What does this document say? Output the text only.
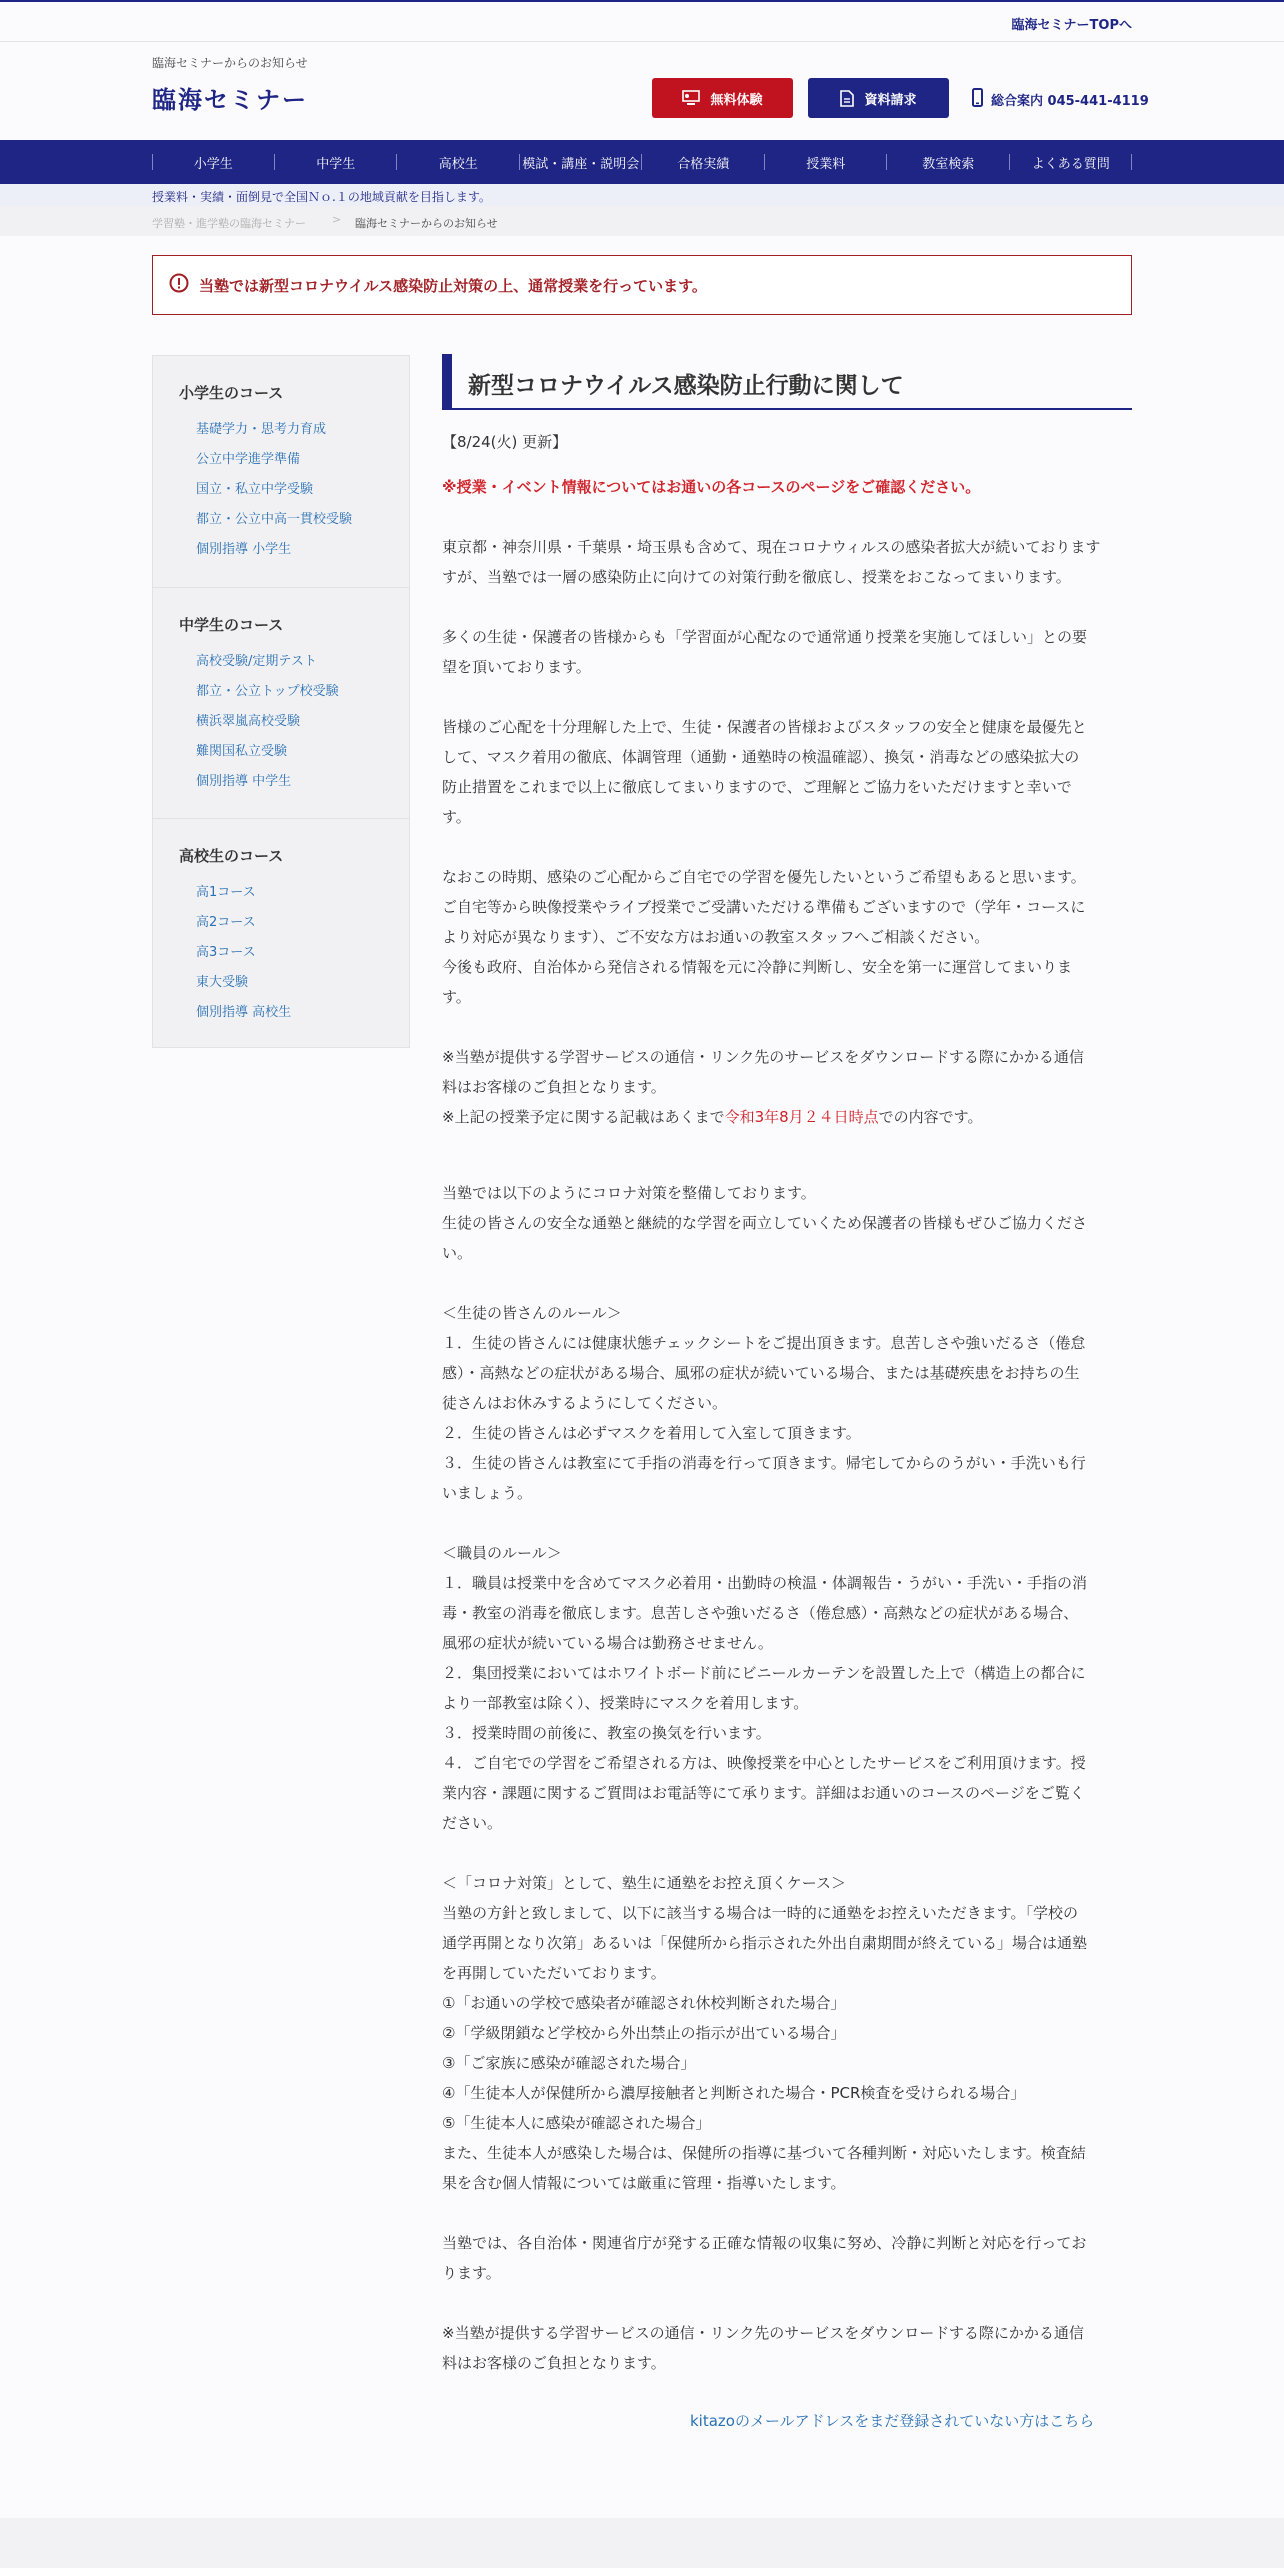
臨海セミナーTOPへ
臨海セミナーからのお知らせ
臨海セミナー	無料体験	資料請求	総合案内 045-441-4119
小学生	中学生	高校生	模試・講座・説明会	合格実績	授業料	教室検索	よくある質問
授業料・実績・面倒見で全国Ｎｏ.１の地域貢献を目指します。
学習塾・進学塾の臨海セミナー > 臨海セミナーからのお知らせ
当塾では新型コロナウイルス感染防止対策の上、通常授業を行っています。
小学生のコース
基礎学力・思考力育成
公立中学進学準備
国立・私立中学受験
都立・公立中高一貫校受験
個別指導 小学生
中学生のコース
高校受験/定期テスト
都立・公立トップ校受験
横浜翠嵐高校受験
難関国私立受験
個別指導 中学生
高校生のコース
高1コース
高2コース
高3コース
東大受験
個別指導 高校生
新型コロナウイルス感染防止行動に関して
【8/24(火) 更新】
※授業・イベント情報についてはお通いの各コースのページをご確認ください。
東京都・神奈川県・千葉県・埼玉県も含めて、現在コロナウィルスの感染者拡大が続いております
すが、当塾では一層の感染防止に向けての対策行動を徹底し、授業をおこなってまいります。
多くの生徒・保護者の皆様からも「学習面が心配なので通常通り授業を実施してほしい」との要
望を頂いております。
皆様のご心配を十分理解した上で、生徒・保護者の皆様およびスタッフの安全と健康を最優先と
して、マスク着用の徹底、体調管理（通勤・通塾時の検温確認）、換気・消毒などの感染拡大の
防止措置をこれまで以上に徹底してまいりますので、ご理解とご協力をいただけますと幸いで
す。
なおこの時期、感染のご心配からご自宅での学習を優先したいというご希望もあると思います。
ご自宅等から映像授業やライブ授業でご受講いただける準備もございますので（学年・コースに
より対応が異なります）、ご不安な方はお通いの教室スタッフへご相談ください。
今後も政府、自治体から発信される情報を元に冷静に判断し、安全を第一に運営してまいりま
す。
※当塾が提供する学習サービスの通信・リンク先のサービスをダウンロードする際にかかる通信
料はお客様のご負担となります。
※上記の授業予定に関する記載はあくまで令和3年8月２４日時点での内容です。
当塾では以下のようにコロナ対策を整備しております。
生徒の皆さんの安全な通塾と継続的な学習を両立していくため保護者の皆様もぜひご協力くださ
い。
＜生徒の皆さんのルール＞
１．生徒の皆さんには健康状態チェックシートをご提出頂きます。息苦しさや強いだるさ（倦怠
感）・高熱などの症状がある場合、風邪の症状が続いている場合、または基礎疾患をお持ちの生
徒さんはお休みするようにしてください。
２．生徒の皆さんは必ずマスクを着用して入室して頂きます。
３．生徒の皆さんは教室にて手指の消毒を行って頂きます。帰宅してからのうがい・手洗いも行
いましょう。
＜職員のルール＞
１．職員は授業中を含めてマスク必着用・出勤時の検温・体調報告・うがい・手洗い・手指の消
毒・教室の消毒を徹底します。息苦しさや強いだるさ（倦怠感）・高熱などの症状がある場合、
風邪の症状が続いている場合は勤務させません。
２．集団授業においてはホワイトボード前にビニールカーテンを設置した上で（構造上の都合に
より一部教室は除く）、授業時にマスクを着用します。
３．授業時間の前後に、教室の換気を行います。
４．ご自宅での学習をご希望される方は、映像授業を中心としたサービスをご利用頂けます。授
業内容・課題に関するご質問はお電話等にて承ります。詳細はお通いのコースのページをご覧く
ださい。
＜「コロナ対策」として、塾生に通塾をお控え頂くケース＞
当塾の方針と致しまして、以下に該当する場合は一時的に通塾をお控えいただきます。「学校の
通学再開となり次第」あるいは「保健所から指示された外出自粛期間が終えている」場合は通塾
を再開していただいております。
①「お通いの学校で感染者が確認され休校判断された場合」
②「学級閉鎖など学校から外出禁止の指示が出ている場合」
③「ご家族に感染が確認された場合」
④「生徒本人が保健所から濃厚接触者と判断された場合・PCR検査を受けられる場合」
⑤「生徒本人に感染が確認された場合」
また、生徒本人が感染した場合は、保健所の指導に基づいて各種判断・対応いたします。検査結
果を含む個人情報については厳重に管理・指導いたします。
当塾では、各自治体・関連省庁が発する正確な情報の収集に努め、冷静に判断と対応を行ってお
ります。
※当塾が提供する学習サービスの通信・リンク先のサービスをダウンロードする際にかかる通信
料はお客様のご負担となります。
kitazoのメールアドレスをまだ登録されていない方はこちら
